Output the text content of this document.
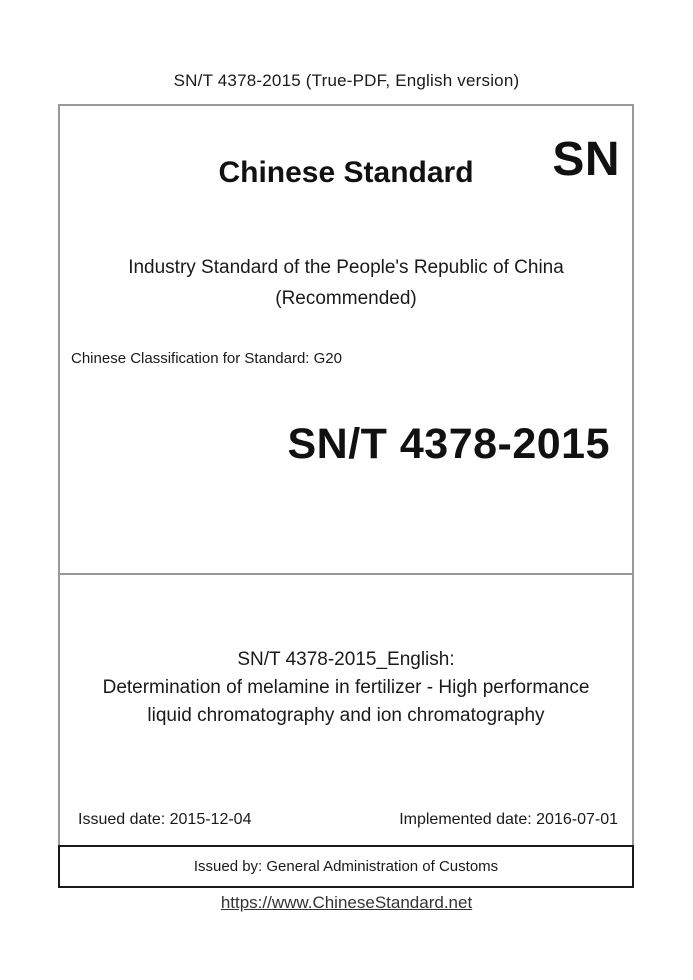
SN/T 4378-2015 (True-PDF, English version)
Chinese Standard	SN
Industry Standard of the People's Republic of China
(Recommended)
Chinese Classification for Standard: G20
SN/T 4378-2015
SN/T 4378-2015_English:
Determination of melamine in fertilizer - High performance
liquid chromatography and ion chromatography
Issued date: 2015-12-04	Implemented date: 2016-07-01
Issued by: General Administration of Customs
https://www.ChineseStandard.net
